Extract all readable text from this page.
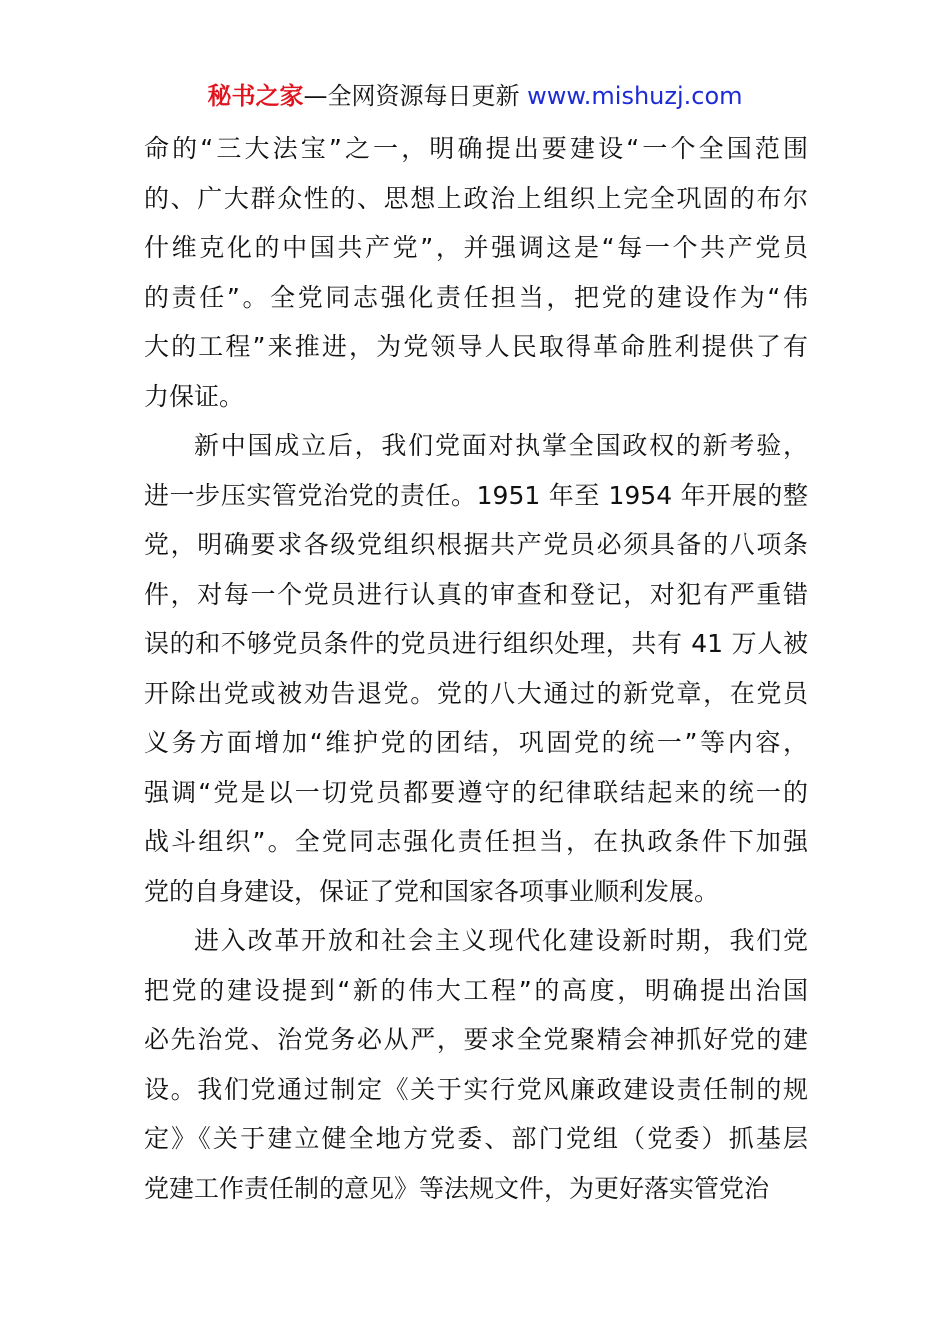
秘书之家—全网资源每日更新 www.mishuzj.com
命的“三大法宝”之一，明确提出要建设“一个全国范围
的、广大群众性的、思想上政治上组织上完全巩固的布尔
什维克化的中国共产党”，并强调这是“每一个共产党员
的责任”。全党同志强化责任担当，把党的建设作为“伟
大的工程”来推进，为党领导人民取得革命胜利提供了有
力保证。
新中国成立后，我们党面对执掌全国政权的新考验，
进一步压实管党治党的责任。1951 年至 1954 年开展的整
党，明确要求各级党组织根据共产党员必须具备的八项条
件，对每一个党员进行认真的审查和登记，对犯有严重错
误的和不够党员条件的党员进行组织处理，共有 41 万人被
开除出党或被劝告退党。党的八大通过的新党章，在党员
义务方面增加“维护党的团结，巩固党的统一”等内容，
强调“党是以一切党员都要遵守的纪律联结起来的统一的
战斗组织”。全党同志强化责任担当，在执政条件下加强
党的自身建设，保证了党和国家各项事业顺利发展。
进入改革开放和社会主义现代化建设新时期，我们党
把党的建设提到“新的伟大工程”的高度，明确提出治国
必先治党、治党务必从严，要求全党聚精会神抓好党的建
设。我们党通过制定《关于实行党风廉政建设责任制的规
定》《关于建立健全地方党委、部门党组（党委）抓基层
党建工作责任制的意见》等法规文件，为更好落实管党治
